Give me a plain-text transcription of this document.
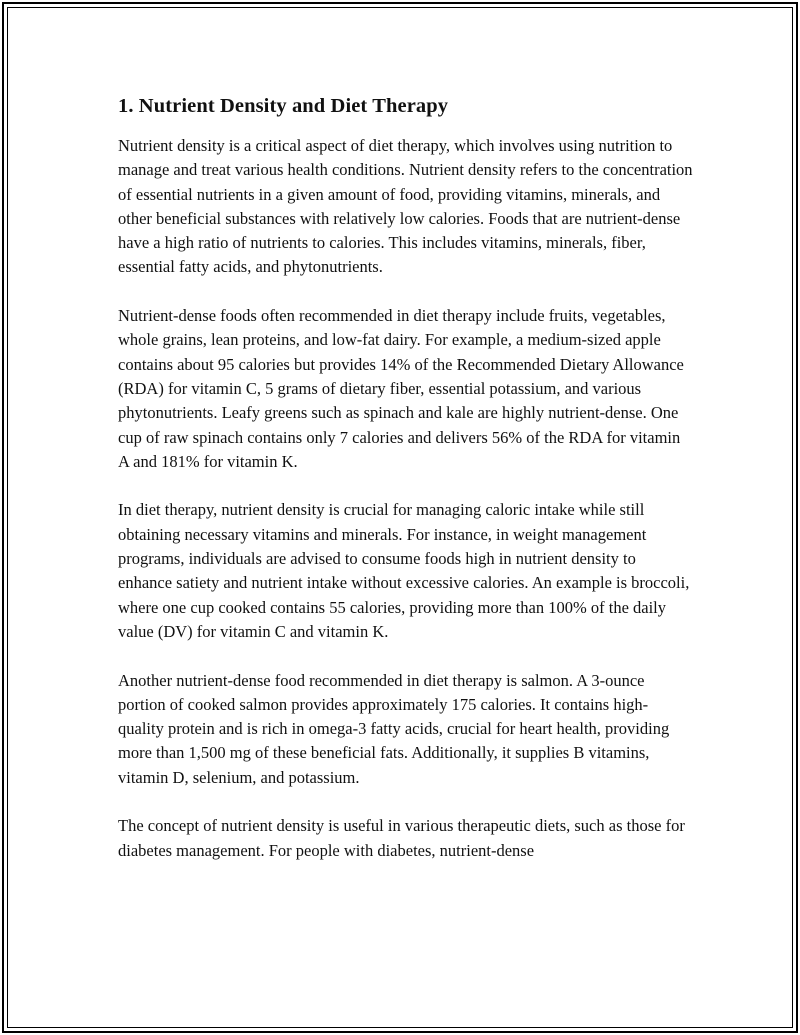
1. Nutrient Density and Diet Therapy

Nutrient density is a critical aspect of diet therapy, which involves using nutrition to manage and treat various health conditions. Nutrient density refers to the concentration of essential nutrients in a given amount of food, providing vitamins, minerals, and other beneficial substances with relatively low calories. Foods that are nutrient-dense have a high ratio of nutrients to calories. This includes vitamins, minerals, fiber, essential fatty acids, and phytonutrients.

Nutrient-dense foods often recommended in diet therapy include fruits, vegetables, whole grains, lean proteins, and low-fat dairy. For example, a medium-sized apple contains about 95 calories but provides 14% of the Recommended Dietary Allowance (RDA) for vitamin C, 5 grams of dietary fiber, essential potassium, and various phytonutrients. Leafy greens such as spinach and kale are highly nutrient-dense. One cup of raw spinach contains only 7 calories and delivers 56% of the RDA for vitamin A and 181% for vitamin K.

In diet therapy, nutrient density is crucial for managing caloric intake while still obtaining necessary vitamins and minerals. For instance, in weight management programs, individuals are advised to consume foods high in nutrient density to enhance satiety and nutrient intake without excessive calories. An example is broccoli, where one cup cooked contains 55 calories, providing more than 100% of the daily value (DV) for vitamin C and vitamin K.

Another nutrient-dense food recommended in diet therapy is salmon. A 3-ounce portion of cooked salmon provides approximately 175 calories. It contains high-quality protein and is rich in omega-3 fatty acids, crucial for heart health, providing more than 1,500 mg of these beneficial fats. Additionally, it supplies B vitamins, vitamin D, selenium, and potassium.

The concept of nutrient density is useful in various therapeutic diets, such as those for diabetes management. For people with diabetes, nutrient-dense
